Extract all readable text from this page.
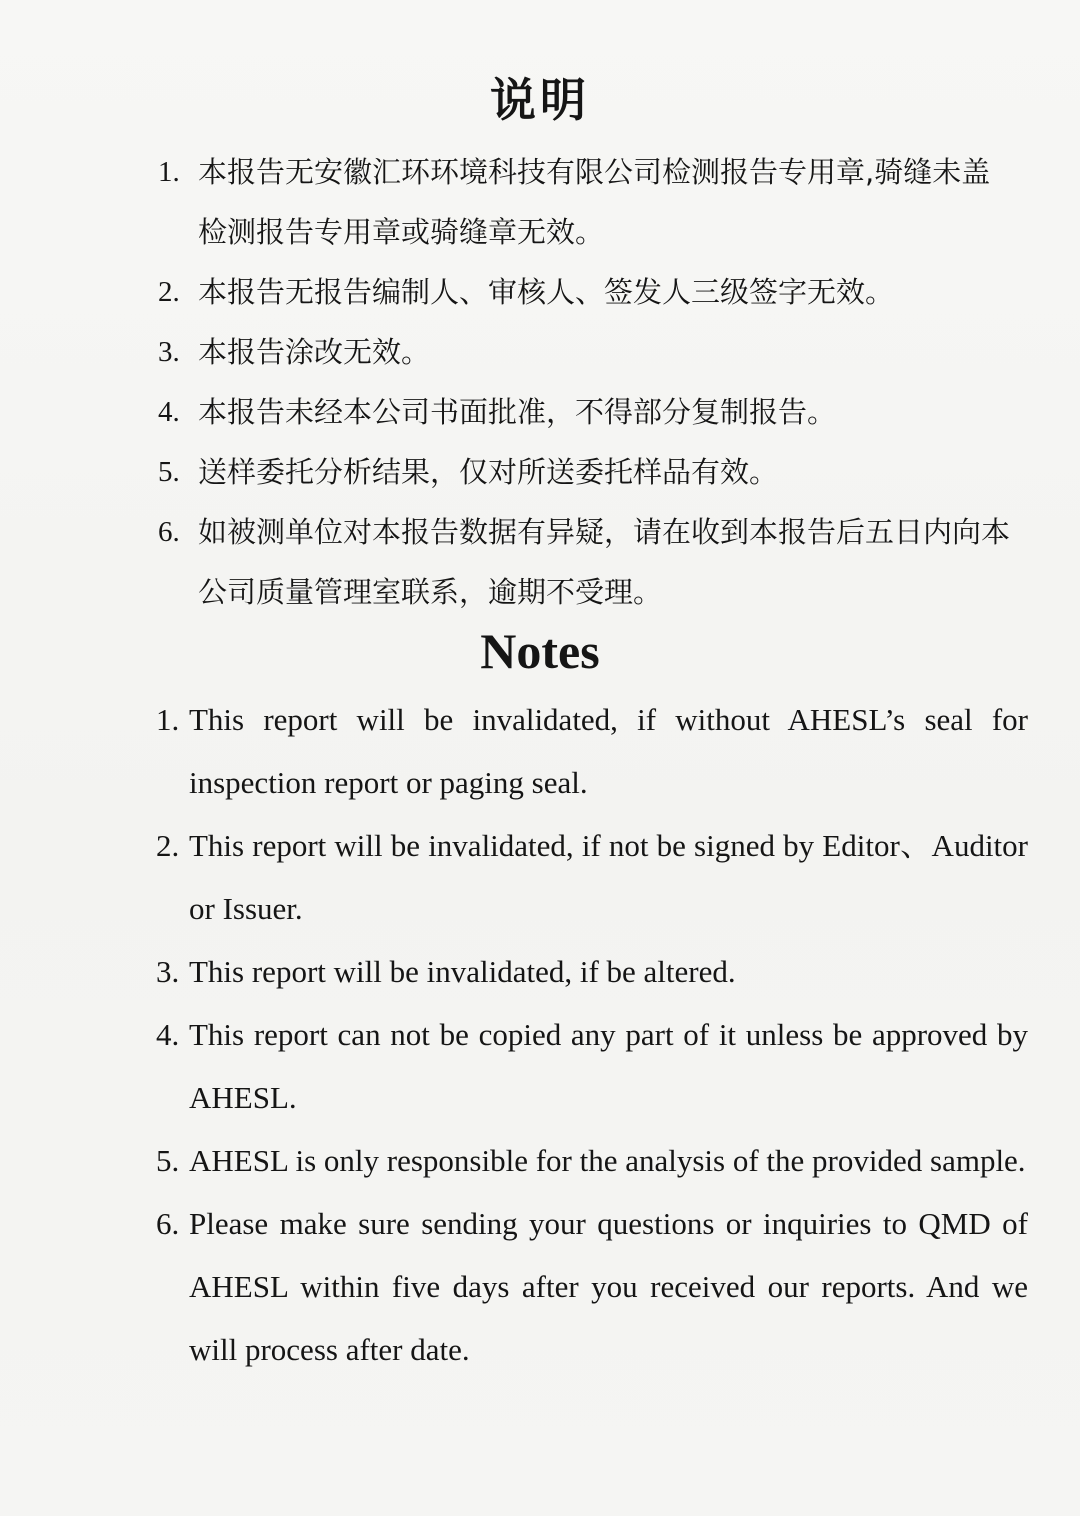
说明
1. 本报告无安徽汇环环境科技有限公司检测报告专用章,骑缝未盖检测报告专用章或骑缝章无效。
2. 本报告无报告编制人、审核人、签发人三级签字无效。
3. 本报告涂改无效。
4. 本报告未经本公司书面批准，不得部分复制报告。
5. 送样委托分析结果，仅对所送委托样品有效。
6. 如被测单位对本报告数据有异疑，请在收到本报告后五日内向本公司质量管理室联系，逾期不受理。
Notes
1. This report will be invalidated, if without AHESL’s seal for inspection report or paging seal.
2. This report will be invalidated, if not be signed by Editor、Auditor or Issuer.
3. This report will be invalidated, if be altered.
4. This report can not be copied any part of it unless be approved by AHESL.
5. AHESL is only responsible for the analysis of the provided sample.
6. Please make sure sending your questions or inquiries to QMD of AHESL within five days after you received our reports. And we will process after date.
